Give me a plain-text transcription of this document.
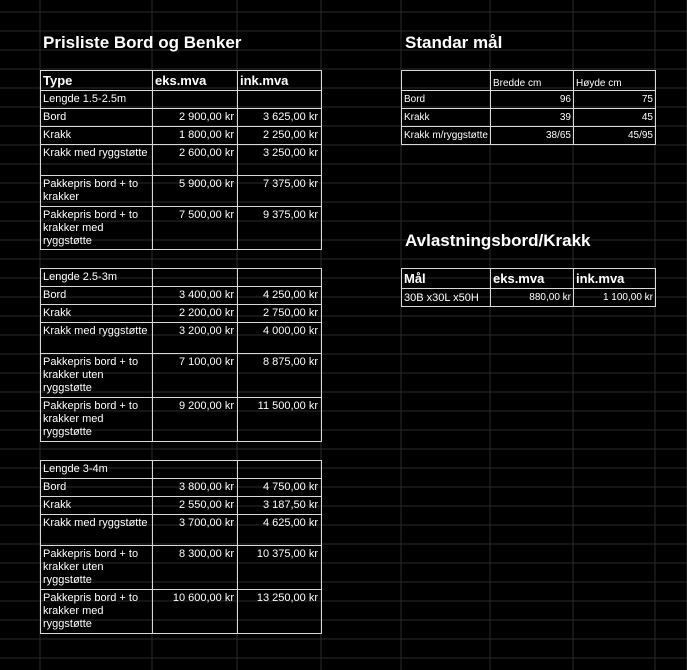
Prisliste Bord og Benker	Standar mål
Avlastningsbord/Krakk
Type	eks.mva	ink.mva
Lengde 1.5-2.5m		
Bord	2 900,00 kr	3 625,00 kr
Krakk	1 800,00 kr	2 250,00 kr
Krakk med ryggstøtte	2 600,00 kr	3 250,00 kr
Pakkepris bord + to krakker	5 900,00 kr	7 375,00 kr
Pakkepris bord + to krakker med ryggstøtte	7 500,00 kr	9 375,00 kr
Lengde 2.5-3m		
Bord	3 400,00 kr	4 250,00 kr
Krakk	2 200,00 kr	2 750,00 kr
Krakk med ryggstøtte	3 200,00 kr	4 000,00 kr
Pakkepris bord + to krakker uten ryggstøtte	7 100,00 kr	8 875,00 kr
Pakkepris bord + to krakker med ryggstøtte	9 200,00 kr	11 500,00 kr
Lengde 3-4m		
Bord	3 800,00 kr	4 750,00 kr
Krakk	2 550,00 kr	3 187,50 kr
Krakk med ryggstøtte	3 700,00 kr	4 625,00 kr
Pakkepris bord + to krakker uten ryggstøtte	8 300,00 kr	10 375,00 kr
Pakkepris bord + to krakker med ryggstøtte	10 600,00 kr	13 250,00 kr
	Bredde cm	Høyde cm
Bord	96	75
Krakk	39	45
Krakk m/ryggstøtte	38/65	45/95
Mål	eks.mva	ink.mva
30B x30L x50H	880,00 kr	1 100,00 kr
